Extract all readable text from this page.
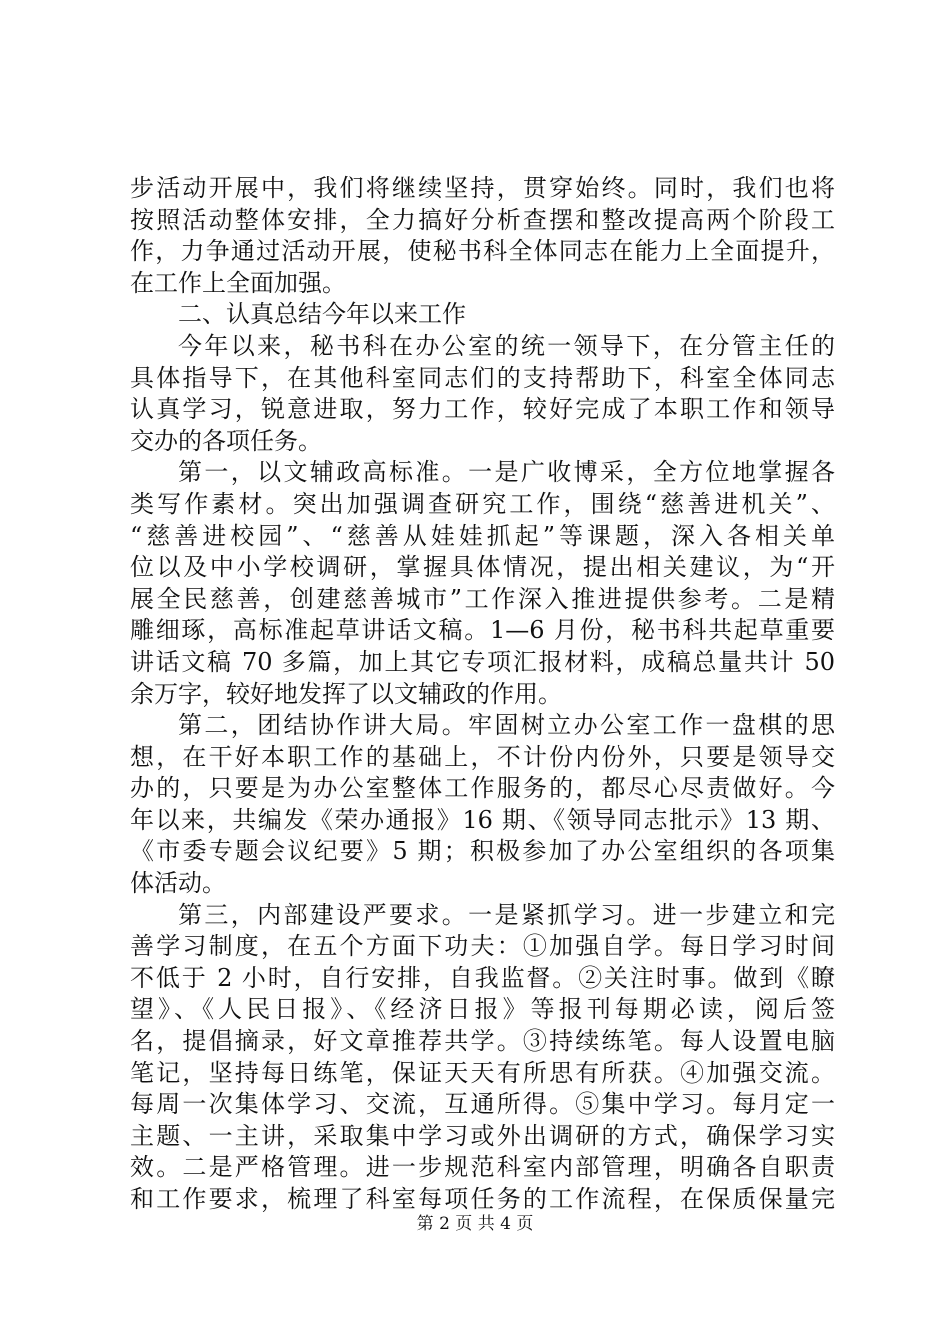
步活动开展中，我们将继续坚持，贯穿始终。同时，我们也将
按照活动整体安排，全力搞好分析查摆和整改提高两个阶段工
作，力争通过活动开展，使秘书科全体同志在能力上全面提升，
在工作上全面加强。
二、认真总结今年以来工作
今年以来，秘书科在办公室的统一领导下，在分管主任的
具体指导下，在其他科室同志们的支持帮助下，科室全体同志
认真学习，锐意进取，努力工作，较好完成了本职工作和领导
交办的各项任务。
第一，以文辅政高标准。一是广收博采，全方位地掌握各
类写作素材。突出加强调查研究工作，围绕“慈善进机关”、
“慈善进校园”、“慈善从娃娃抓起”等课题，深入各相关单
位以及中小学校调研，掌握具体情况，提出相关建议，为“开
展全民慈善，创建慈善城市”工作深入推进提供参考。二是精
雕细琢，高标准起草讲话文稿。1—6 月份，秘书科共起草重要
讲话文稿 70 多篇，加上其它专项汇报材料，成稿总量共计 50
余万字，较好地发挥了以文辅政的作用。
第二，团结协作讲大局。牢固树立办公室工作一盘棋的思
想，在干好本职工作的基础上，不计份内份外，只要是领导交
办的，只要是为办公室整体工作服务的，都尽心尽责做好。今
年以来，共编发《荣办通报》16 期、《领导同志批示》13 期、
《市委专题会议纪要》5 期；积极参加了办公室组织的各项集
体活动。
第三，内部建设严要求。一是紧抓学习。进一步建立和完
善学习制度，在五个方面下功夫：①加强自学。每日学习时间
不低于 2 小时，自行安排，自我监督。②关注时事。做到《瞭
望》、《人民日报》、《经济日报》等报刊每期必读，阅后签
名，提倡摘录，好文章推荐共学。③持续练笔。每人设置电脑
笔记，坚持每日练笔，保证天天有所思有所获。④加强交流。
每周一次集体学习、交流，互通所得。⑤集中学习。每月定一
主题、一主讲，采取集中学习或外出调研的方式，确保学习实
效。二是严格管理。进一步规范科室内部管理，明确各自职责
和工作要求，梳理了科室每项任务的工作流程，在保质保量完
第 2 页 共 4 页
